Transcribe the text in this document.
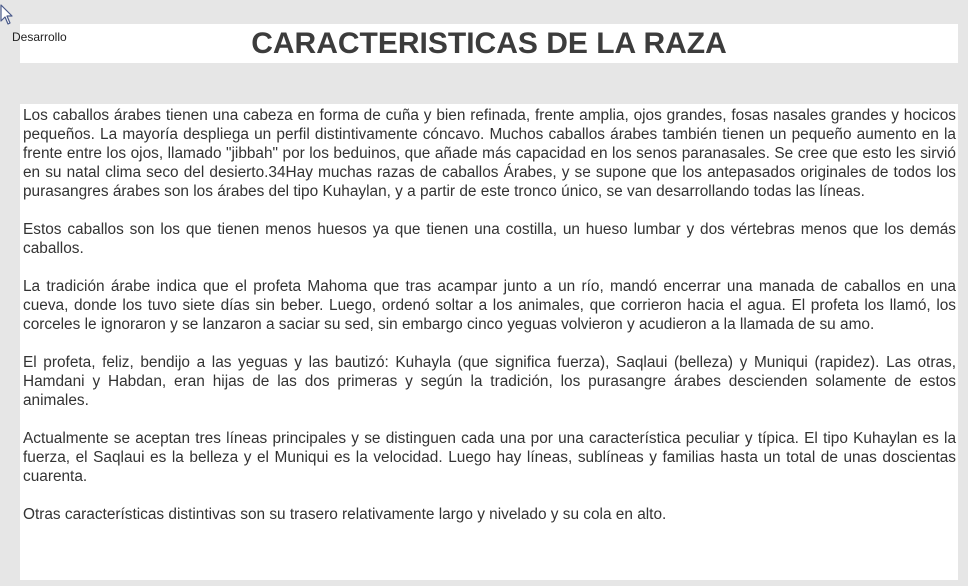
CARACTERISTICAS DE LA RAZA
Desarrollo

Los caballos árabes tienen una cabeza en forma de cuña y bien refinada, frente amplia, ojos grandes, fosas nasales grandes y hocicos pequeños. La mayoría despliega un perfil distintivamente cóncavo. Muchos caballos árabes también tienen un pequeño aumento en la frente entre los ojos, llamado "jibbah" por los beduinos, que añade más capacidad en los senos paranasales. Se cree que esto les sirvió en su natal clima seco del desierto.34Hay muchas razas de caballos Árabes, y se supone que los antepasados originales de todos los purasangres árabes son los árabes del tipo Kuhaylan, y a partir de este tronco único, se van desarrollando todas las líneas.

Estos caballos son los que tienen menos huesos ya que tienen una costilla, un hueso lumbar y dos vértebras menos que los demás caballos.

La tradición árabe indica que el profeta Mahoma que tras acampar junto a un río, mandó encerrar una manada de caballos en una cueva, donde los tuvo siete días sin beber. Luego, ordenó soltar a los animales, que corrieron hacia el agua. El profeta los llamó, los corceles le ignoraron y se lanzaron a saciar su sed, sin embargo cinco yeguas volvieron y acudieron a la llamada de su amo.

El profeta, feliz, bendijo a las yeguas y las bautizó: Kuhayla (que significa fuerza), Saqlaui (belleza) y Muniqui (rapidez). Las otras, Hamdani y Habdan, eran hijas de las dos primeras y según la tradición, los purasangre árabes descienden solamente de estos animales.

Actualmente se aceptan tres líneas principales y se distinguen cada una por una característica peculiar y típica. El tipo Kuhaylan es la fuerza, el Saqlaui es la belleza y el Muniqui es la velocidad. Luego hay líneas, sublíneas y familias hasta un total de unas doscientas cuarenta.

Otras características distintivas son su trasero relativamente largo y nivelado y su cola en alto.
